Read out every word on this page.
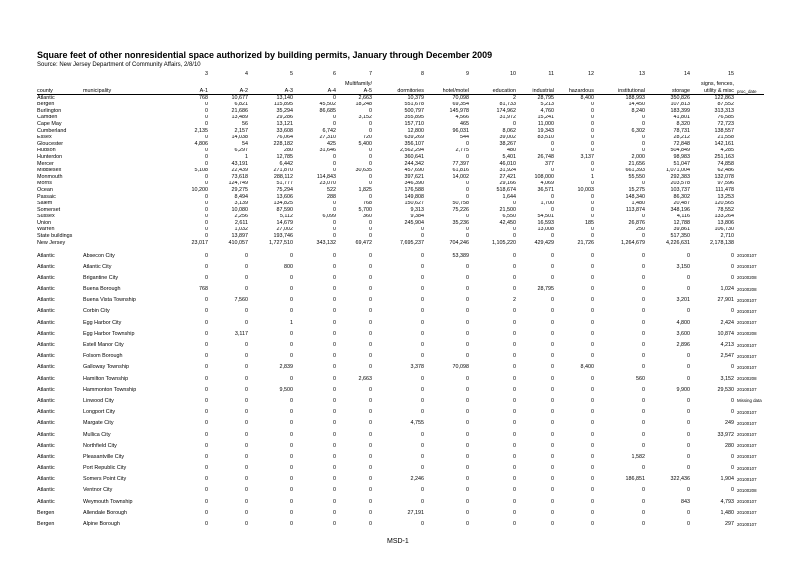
Square feet of other nonresidential space authorized by building permits, January through December 2009
Source: New Jersey Department of Community Affairs, 2/8/10
		3	4	5	6	7	8	9	10	11	12	13	14	15	
						Multifamily/							signs, fences,		
county	municipality	A-1	A-2	A-3	A-4	A-5	dormitories	hotel/motel	education	industrial	hazardous	institutional	storage	utility & misc	proc_date
Atlantic		768	10,677	13,140	0	2,663	10,379	70,098	2	28,795	8,400	188,993	350,826	122,863	
Bergen		0	6,821	115,895	45,502	18,248	551,678	69,354	81,733	5,213	0	14,450	107,813	87,552	
Burlington		0	21,686	35,294	86,685	0	500,797	145,978	174,962	4,760	0	8,240	183,399	313,313	
Camden		0	13,489	29,286	0	3,152	355,895	4,566	31,972	15,241	0	0	41,801	76,585	
Cape May		0	56	13,121	0	0	157,710	465	0	11,000	0	0	8,320	72,723	
Cumberland		2,135	2,157	33,608	6,742	0	12,800	96,031	8,062	19,343	0	6,302	78,731	138,557	
Essex		0	14,038	76,064	27,310	720	639,269	544	39,002	83,510	0	0	28,212	21,558	
Gloucester		4,806	54	228,182	425	5,400	356,107	0	38,267	0	0	0	72,848	142,161	
Hudson		0	6,297	280	31,646	0	2,562,294	2,775	480	0	0	0	504,849	4,285	
Hunterdon		0	1	12,785	0	0	360,641	0	5,401	26,748	3,137	2,000	98,983	251,163	
Mercer		0	43,191	6,442	0	0	244,342	77,397	46,010	377	0	21,656	51,047	74,858	
Middlesex		5,108	22,439	271,870	0	30,635	457,690	61,816	31,924	0	0	661,393	1,071,004	62,486	
Monmouth		0	73,618	288,112	114,843	0	397,621	14,002	27,421	108,000	1	55,550	292,383	132,078	
Morris		0	124,749	51,777	23,070	0	346,390	0	29,166	4,069	0	0	203,578	97,596	
Ocean		10,200	29,275	75,294	522	1,825	176,588	0	518,674	36,571	10,003	15,275	103,737	111,478	
Passaic		0	8,494	13,606	288	0	149,808	0	1,644	0	0	148,340	86,302	13,253	
Salem		0	3,139	134,825	0	768	150,627	50,758	0	1,700	0	1,480	20,487	120,565	
Somerset		0	10,080	87,590	0	5,700	9,313	75,226	21,500	0	0	113,874	348,196	78,552	
Sussex		0	2,256	5,112	6,099	360	9,384	0	6,550	54,501	0	0	4,116	133,264	
Union		0	2,611	14,679	0	0	245,904	35,236	42,450	16,593	185	26,876	12,788	13,806	
Warren		0	1,032	27,002	0	0	0	0	0	13,008	0	250	39,861	106,730	
State buildings		0	13,897	193,746	0	0	0	0	0	0	0	0	517,350	2,710	
New Jersey		23,017	410,057	1,727,510	343,132	69,472	7,695,237	704,246	1,105,220	429,429	21,726	1,264,679	4,226,631	2,178,138	

Atlantic	Absecon City	0	0	0	0	0	0	53,389	0	0	0	0	0	0	20100107
Atlantic	Atlantic City	0	0	800	0	0	0	0	0	0	0	0	3,150	0	20100107
Atlantic	Brigantine City	0	0	0	0	0	0	0	0	0	0	0	0	0	20100208
Atlantic	Buena Borough	768	0	0	0	0	0	0	0	28,795	0	0	0	1,024	20100208
Atlantic	Buena Vista Township	0	7,560	0	0	0	0	0	2	0	0	0	3,201	27,901	20100107
Atlantic	Corbin City	0	0	0	0	0	0	0	0	0	0	0	0	0	20100107
Atlantic	Egg Harbor City	0	0	1	0	0	0	0	0	0	0	0	4,800	2,424	20100107
Atlantic	Egg Harbor Township	0	3,117	0	0	0	0	0	0	0	0	0	3,600	10,874	20100208
Atlantic	Estell Manor City	0	0	0	0	0	0	0	0	0	0	0	2,896	4,213	20100107
Atlantic	Folsom Borough	0	0	0	0	0	0	0	0	0	0	0	0	2,547	20100107
Atlantic	Galloway Township	0	0	2,839	0	0	3,378	70,098	0	0	8,400	0	0	0	20100107
Atlantic	Hamilton Township	0	0	0	0	2,663	0	0	0	0	0	560	0	3,152	20100208
Atlantic	Hammonton Township	0	0	9,500	0	0	0	0	0	0	0	0	9,900	29,530	20100107
Atlantic	Linwood City	0	0	0	0	0	0	0	0	0	0	0	0	0	Missing data
Atlantic	Longport City	0	0	0	0	0	0	0	0	0	0	0	0	0	20100107
Atlantic	Margate City	0	0	0	0	0	4,755	0	0	0	0	0	0	249	20100107
Atlantic	Mullica City	0	0	0	0	0	0	0	0	0	0	0	0	33,972	20100107
Atlantic	Northfield City	0	0	0	0	0	0	0	0	0	0	0	0	280	20100107
Atlantic	Pleasantville City	0	0	0	0	0	0	0	0	0	0	1,582	0	0	20100107
Atlantic	Port Republic City	0	0	0	0	0	0	0	0	0	0	0	0	0	20100107
Atlantic	Somers Point City	0	0	0	0	0	2,246	0	0	0	0	186,851	322,436	1,904	20100107
Atlantic	Ventnor City	0	0	0	0	0	0	0	0	0	0	0	0	0	20100208
Atlantic	Weymouth Township	0	0	0	0	0	0	0	0	0	0	0	843	4,793	20100107
Bergen	Allendale Borough	0	0	0	0	0	27,191	0	0	0	0	0	0	1,480	20100107
Bergen	Alpine Borough	0	0	0	0	0	0	0	0	0	0	0	0	297	20100107
MSD-1
